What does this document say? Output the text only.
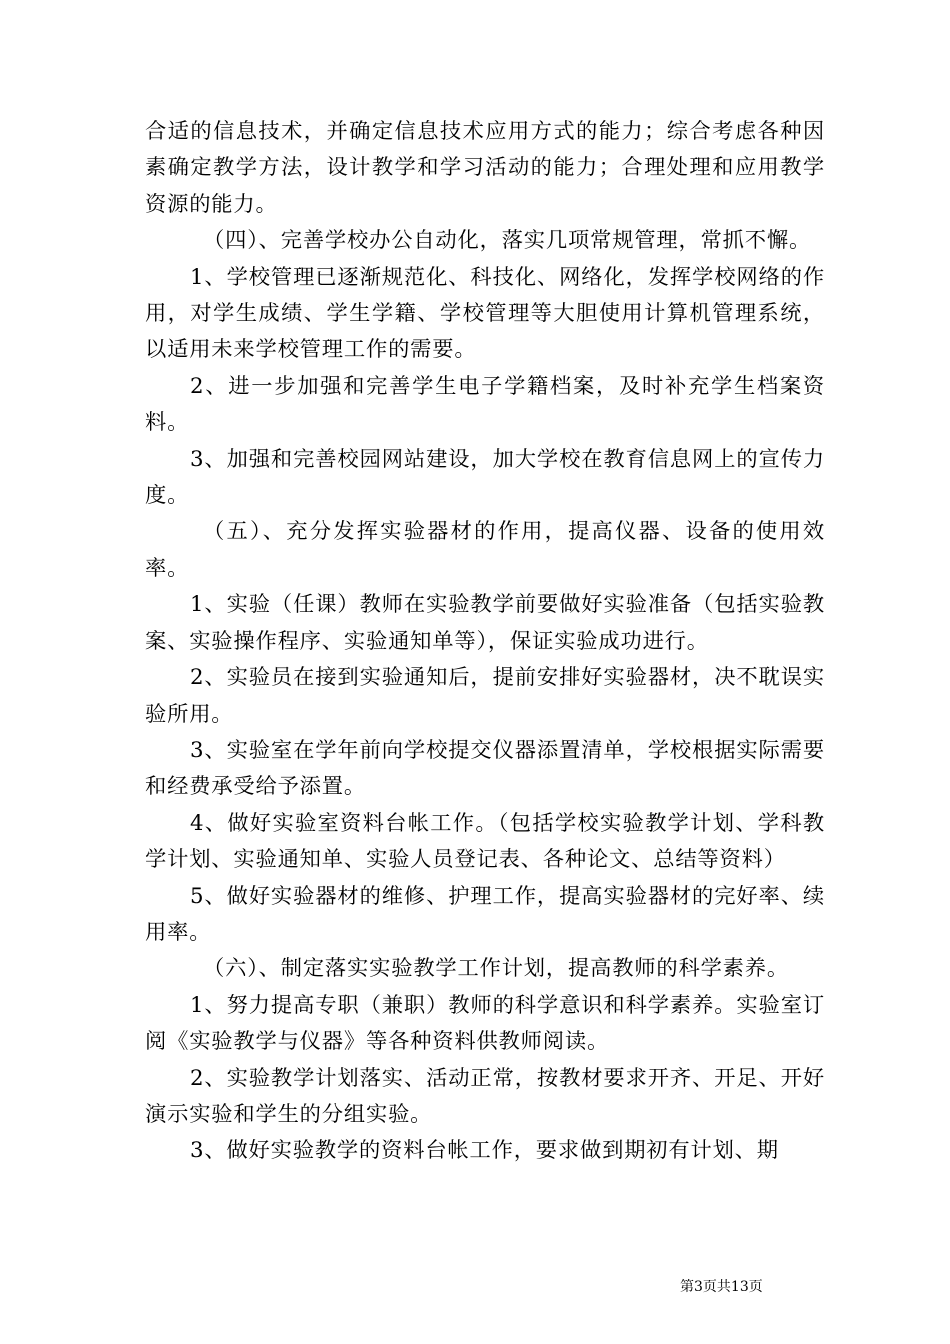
合适的信息技术，并确定信息技术应用方式的能力；综合考虑各种因素确定教学方法，设计教学和学习活动的能力；合理处理和应用教学资源的能力。

（四）、完善学校办公自动化，落实几项常规管理，常抓不懈。

1、学校管理已逐渐规范化、科技化、网络化，发挥学校网络的作用，对学生成绩、学生学籍、学校管理等大胆使用计算机管理系统，以适用未来学校管理工作的需要。

2、进一步加强和完善学生电子学籍档案，及时补充学生档案资料。

3、加强和完善校园网站建设，加大学校在教育信息网上的宣传力度。

（五）、充分发挥实验器材的作用，提高仪器、设备的使用效率。

1、实验（任课）教师在实验教学前要做好实验准备（包括实验教案、实验操作程序、实验通知单等），保证实验成功进行。

2、实验员在接到实验通知后，提前安排好实验器材，决不耽误实验所用。

3、实验室在学年前向学校提交仪器添置清单，学校根据实际需要和经费承受给予添置。

4、做好实验室资料台帐工作。（包括学校实验教学计划、学科教学计划、实验通知单、实验人员登记表、各种论文、总结等资料）

5、做好实验器材的维修、护理工作，提高实验器材的完好率、续用率。

（六）、制定落实实验教学工作计划，提高教师的科学素养。

1、努力提高专职（兼职）教师的科学意识和科学素养。实验室订阅《实验教学与仪器》等各种资料供教师阅读。

2、实验教学计划落实、活动正常，按教材要求开齐、开足、开好演示实验和学生的分组实验。

3、做好实验教学的资料台帐工作，要求做到期初有计划、期

第3页共13页
